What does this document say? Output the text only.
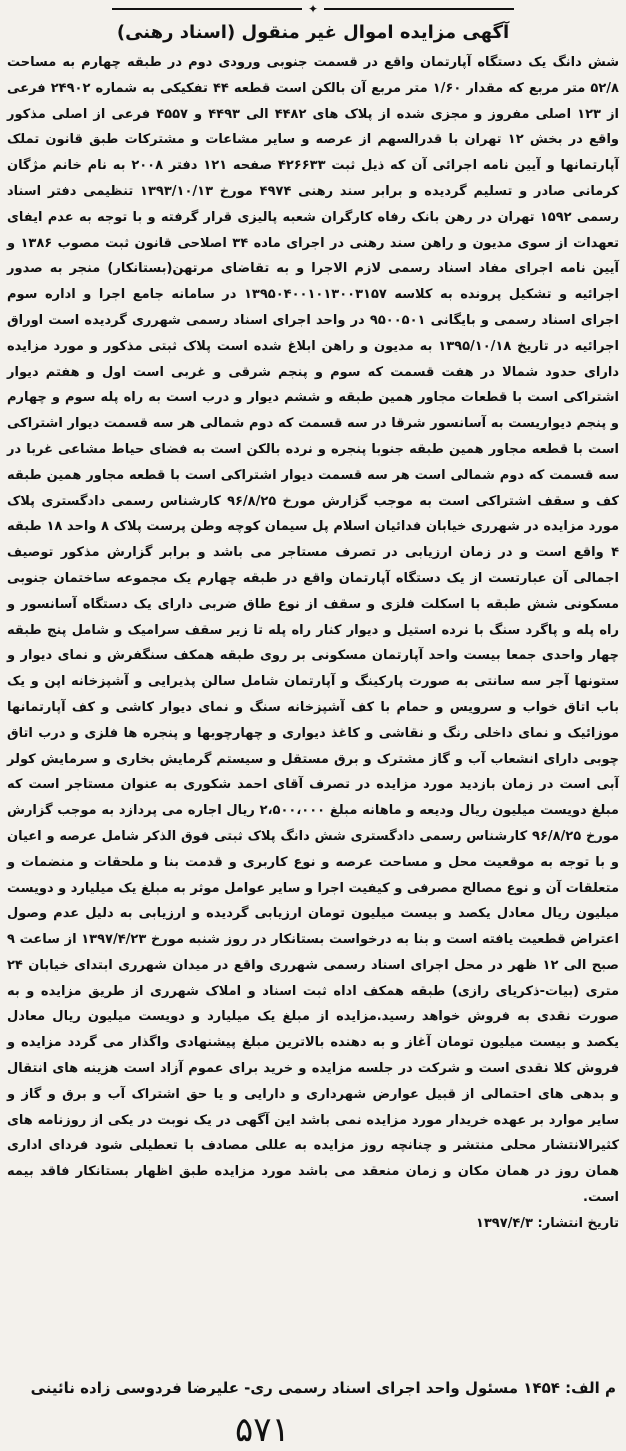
✦
آگهی مزایده اموال غیر منقول (اسناد رهنی)
شش دانگ یک دستگاه آپارتمان واقع در قسمت جنوبی ورودی دوم در طبقه چهارم به مساحت ۵۲/۸ متر مربع که مقدار ۱/۶۰ متر مربع آن بالکن است قطعه ۴۴ تفکیکی به شماره ۲۴۹۰۲ فرعی از ۱۲۳ اصلی مفروز و مجزی شده از پلاک های ۴۴۸۲ الی ۴۴۹۳ و ۴۵۵۷ فرعی از اصلی مذکور واقع در بخش ۱۲ تهران با قدرالسهم از عرصه و سایر مشاعات و مشترکات طبق قانون تملک آپارتمانها و آیین نامه اجرائی آن که ذیل ثبت ۴۲۶۶۳۳ صفحه ۱۲۱ دفتر ۲۰۰۸ به نام خانم مژگان کرمانی صادر و تسلیم گردیده و برابر سند رهنی ۴۹۷۴ مورخ ۱۳۹۳/۱۰/۱۳ تنظیمی دفتر اسناد رسمی ۱۵۹۲ تهران در رهن بانک رفاه کارگران شعبه پالیزی قرار گرفته و با توجه به عدم ایفای تعهدات از سوی مدیون و راهن سند رهنی در اجرای ماده ۳۴ اصلاحی قانون ثبت مصوب ۱۳۸۶ و آیین نامه اجرای مفاد اسناد رسمی لازم الاجرا و به تقاضای مرتهن(بستانکار) منجر به صدور اجرائیه و تشکیل پرونده به کلاسه ۱۳۹۵۰۴۰۰۱۰۱۳۰۰۳۱۵۷ در سامانه جامع اجرا و اداره سوم اجرای اسناد رسمی و بایگانی ۹۵۰۰۵۰۱ در واحد اجرای اسناد رسمی شهرری گردیده است اوراق اجرائیه در تاریخ ۱۳۹۵/۱۰/۱۸ به مدیون و راهن ابلاغ شده است پلاک ثبتی مذکور و مورد مزایده دارای حدود شمالا در هفت قسمت که سوم و پنجم شرقی و غربی است اول و هفتم دیوار اشتراکی است با قطعات مجاور همین طبقه و ششم دیوار و درب است به راه پله سوم و چهارم و پنجم دیواریست به آسانسور شرقا در سه قسمت که دوم شمالی هر سه قسمت دیوار اشتراکی است با قطعه مجاور همین طبقه جنوبا پنجره و نرده بالکن است به فضای حیاط مشاعی غربا در سه قسمت که دوم شمالی است هر سه قسمت دیوار اشتراکی است با قطعه مجاور همین طبقه کف و سقف اشتراکی است به موجب گزارش مورخ ۹۶/۸/۲۵ کارشناس رسمی دادگستری پلاک مورد مزایده در شهرری خیابان فدائیان اسلام پل سیمان کوچه وطن پرست پلاک ۸ واحد ۱۸ طبقه ۴ واقع است و در زمان ارزیابی در تصرف مستاجر می باشد و برابر گزارش مذکور توصیف اجمالی آن عبارتست از یک دستگاه آپارتمان واقع در طبقه چهارم یک مجموعه ساختمان جنوبی مسکونی شش طبقه با اسکلت فلزی و سقف از نوع طاق ضربی دارای یک دستگاه آسانسور و راه پله و پاگرد سنگ با نرده استیل و دیوار کنار راه پله تا زیر سقف سرامیک و شامل پنج طبقه چهار واحدی جمعا بیست واحد آپارتمان مسکونی بر روی طبقه همکف سنگفرش و نمای دیوار و ستونها آجر سه سانتی به صورت پارکینگ و آپارتمان شامل سالن پذیرایی و آشپزخانه اپن و یک باب اتاق خواب و سرویس و حمام با کف آشپزخانه سنگ و نمای دیوار کاشی و کف آپارتمانها موزائیک و نمای داخلی رنگ و نقاشی و کاغذ دیواری و چهارچوبها و پنجره ها فلزی و درب اتاق چوبی دارای انشعاب آب و گاز مشترک و برق مستقل و سیستم گرمایش بخاری و سرمایش کولر آبی است در زمان بازدید مورد مزایده در تصرف آقای احمد شکوری به عنوان مستاجر است که مبلغ دویست میلیون ریال ودیعه و ماهانه مبلغ ۲،۵۰۰،۰۰۰ ریال اجاره می پردازد به موجب گزارش مورخ ۹۶/۸/۲۵ کارشناس رسمی دادگستری شش دانگ پلاک ثبتی فوق الذکر شامل عرصه و اعیان و با توجه به موقعیت محل و مساحت عرصه و نوع کاربری و قدمت بنا و ملحقات و منضمات و متعلقات آن و نوع مصالح مصرفی و کیفیت اجرا و سایر عوامل موثر به مبلغ یک میلیارد و دویست میلیون ریال معادل یکصد و بیست میلیون تومان ارزیابی گردیده و ارزیابی به دلیل عدم وصول اعتراض قطعیت یافته است و بنا به درخواست بستانکار در روز شنبه مورخ ۱۳۹۷/۴/۲۳ از ساعت ۹ صبح الی ۱۲ ظهر در محل اجرای اسناد رسمی شهرری واقع در میدان شهرری ابتدای خیابان ۲۴ متری (بیات-ذکریای رازی) طبقه همکف اداه ثبت اسناد و املاک شهرری از طریق مزایده و به صورت نقدی به فروش خواهد رسید.مزایده از مبلغ یک میلیارد و دویست میلیون ریال معادل یکصد و بیست میلیون تومان آغاز و به دهنده بالاترین مبلغ پیشنهادی واگذار می گردد مزایده و فروش کلا نقدی است و شرکت در جلسه مزایده و خرید برای عموم آزاد است هزینه های انتقال و بدهی های احتمالی از قبیل عوارض شهرداری و دارایی و یا حق اشتراک آب و برق و گاز و سایر موارد بر عهده خریدار مورد مزایده نمی باشد این آگهی در یک نوبت در یکی از روزنامه های کثیرالانتشار محلی منتشر و چنانچه روز مزایده به عللی مصادف با تعطیلی شود فردای اداری همان روز در همان مکان و زمان منعقد می باشد مورد مزایده طبق اظهار بستانکار فاقد بیمه است.
تاریخ انتشار: ۱۳۹۷/۴/۳

م الف: ۱۴۵۴ مسئول واحد اجرای اسناد رسمی ری- علیرضا فردوسی زاده نائینی

۵۷۱
